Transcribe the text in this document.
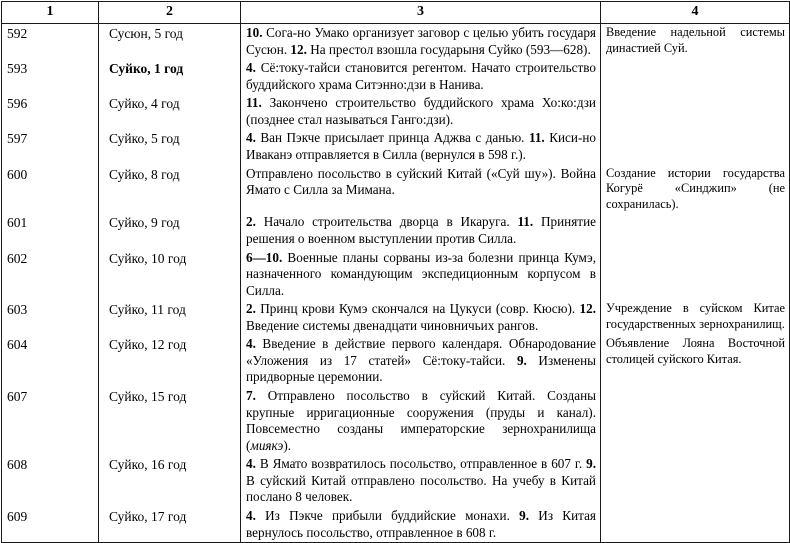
1	2	3	4

592	Сусюн, 5 год	10. Сога-но Умако организует заговор с целью убить государя Сусюн. 12. На престол взошла государыня Суйко (593—628).	Введение надельной системы династией Суй.

593	Суйко, 1 год	4. Сё:току-тайси становится регентом. Начато строительство буддийского храма Ситэнно:дзи в Нанива.	

596	Суйко, 4 год	11. Закончено строительство буддийского храма Хо:ко:дзи (позднее стал называться Ганго:дзи).	

597	Суйко, 5 год	4. Ван Пэкче присылает принца Аджва с данью. 11. Киси-но Иваканэ отправляется в Силла (вернулся в 598 г.).	

600	Суйко, 8 год	Отправлено посольство в суйский Китай («Суй шу»). Война Ямато с Силла за Мимана.	Создание истории государства Когурё «Синджип» (не сохранилась).

601	Суйко, 9 год	2. Начало строительства дворца в Икаруга. 11. Принятие решения о военном выступлении против Силла.	

602	Суйко, 10 год	6—10. Военные планы сорваны из-за болезни принца Кумэ, назначенного командующим экспедиционным корпусом в Силла.	

603	Суйко, 11 год	2. Принц крови Кумэ скончался на Цукуси (совр. Кюсю). 12. Введение системы двенадцати чиновничьих рангов.	Учреждение в суйском Китае государственных зернохранилищ.

604	Суйко, 12 год	4. Введение в действие первого календаря. Обнародование «Уложения из 17 статей» Сё:току-тайси. 9. Изменены придворные церемонии.	Объявление Лояна Восточной столицей суйского Китая.

607	Суйко, 15 год	7. Отправлено посольство в суйский Китай. Созданы крупные ирригационные сооружения (пруды и канал). Повсеместно созданы императорские зернохранилища (миякэ).	

608	Суйко, 16 год	4. В Ямато возвратилось посольство, отправленное в 607 г. 9. В суйский Китай отправлено посольство. На учебу в Китай послано 8 человек.	

609	Суйко, 17 год	4. Из Пэкче прибыли буддийские монахи. 9. Из Китая вернулось посольство, отправленное в 608 г.	
